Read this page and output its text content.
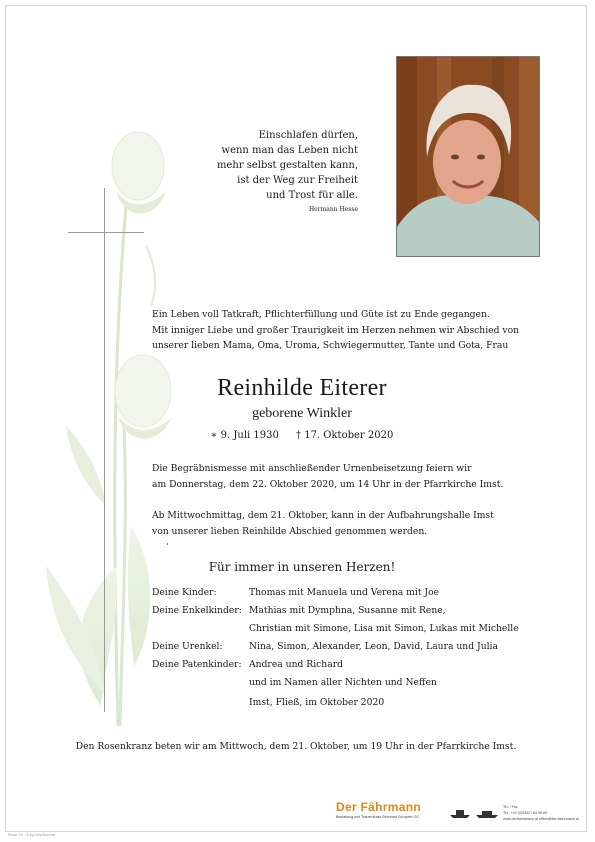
Einschlafen dürfen,
wenn man das Leben nicht
mehr selbst gestalten kann,
ist der Weg zur Freiheit
und Trost für alle.
Hermann Hesse
Ein Leben voll Tatkraft, Pflichterfüllung und Güte ist zu Ende gegangen.
Mit inniger Liebe und großer Traurigkeit im Herzen nehmen wir Abschied von
unserer lieben Mama, Oma, Uroma, Schwiegermutter, Tante und Gota, Frau
Reinhilde Eiterer
geborene Winkler
∗ 9. Juli 1930 † 17. Oktober 2020
Die Begräbnismesse mit anschließender Urnenbeisetzung feiern wir
am Donnerstag, dem 22. Oktober 2020, um 14 Uhr in der Pfarrkirche Imst.
Ab Mittwochmittag, dem 21. Oktober, kann in der Aufbahrungshalle Imst
von unserer lieben Reinhilde Abschied genommen werden.
‘
Für immer in unseren Herzen!
Deine Kinder:	Thomas mit Manuela und Verena mit Joe
Deine Enkelkinder: Mathias mit Dymphna, Susanne mit Rene,
Christian mit Simone, Lisa mit Simon, Lukas mit Michelle
Deine Urenkel:	Nina, Simon, Alexander, Leon, David, Laura und Julia
Deine Patenkinder: Andrea und Richard
und im Namen aller Nichten und Neffen
Imst, Fließ, im Oktober 2020
Den Rosenkranz beten wir am Mittwoch, dem 21. Oktober, um 19 Uhr in der Pfarrkirche Imst.
Der Fährmann
Bestattung und Trauerrituale Bernhard Schöpfer OG
Tel. / Fax
Tel.: +43 (0)5442 / 64 99-60
www.derfaehrmann.at office@der-faehrmann.at
Rose 10 - 5 by Urs/Aurelia
